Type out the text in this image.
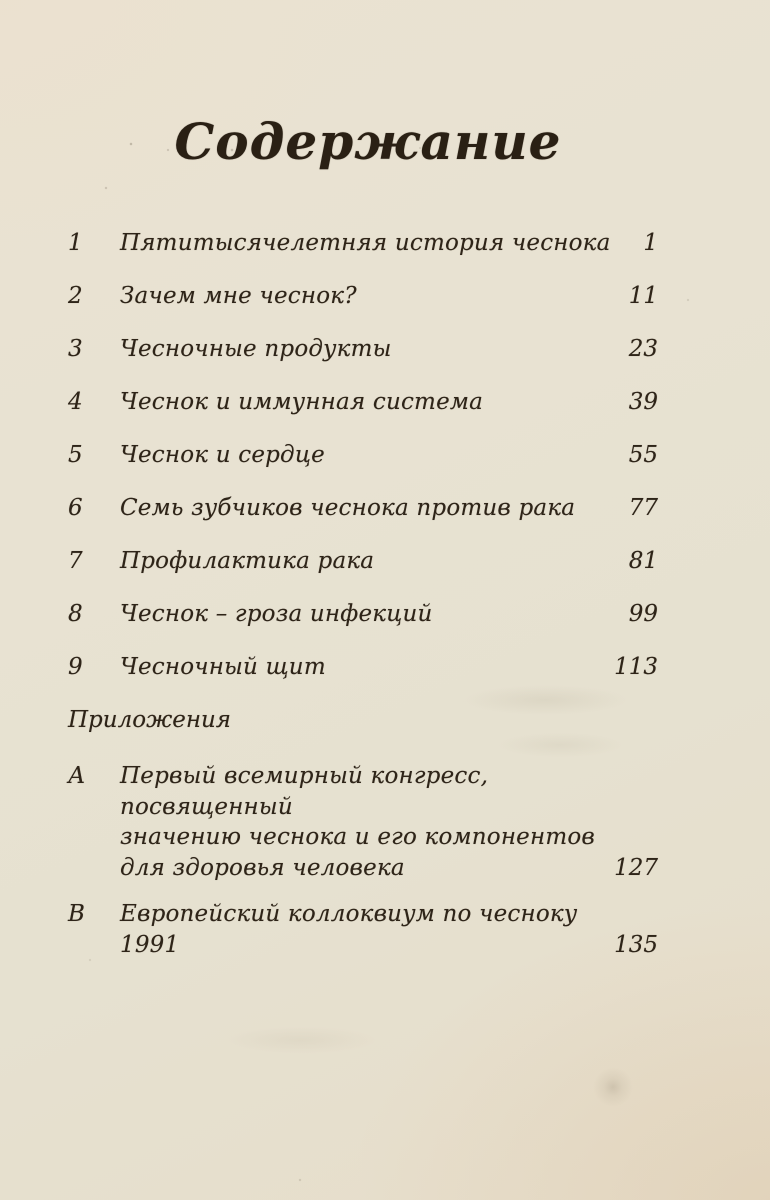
Содержание
1	Пятитысячелетняя история чеснока	1
2	Зачем мне чеснок?	11
3	Чесночные продукты	23
4	Чеснок и иммунная система	39
5	Чеснок и сердце	55
6	Семь зубчиков чеснока против рака	77
7	Профилактика рака	81
8	Чеснок – гроза инфекций	99
9	Чесночный щит	113
Приложения
А	Первый всемирный конгресс, посвященный
значению чеснока и его компонентов
для здоровья человека	127
В	Европейский коллоквиум по чесноку 1991	135
